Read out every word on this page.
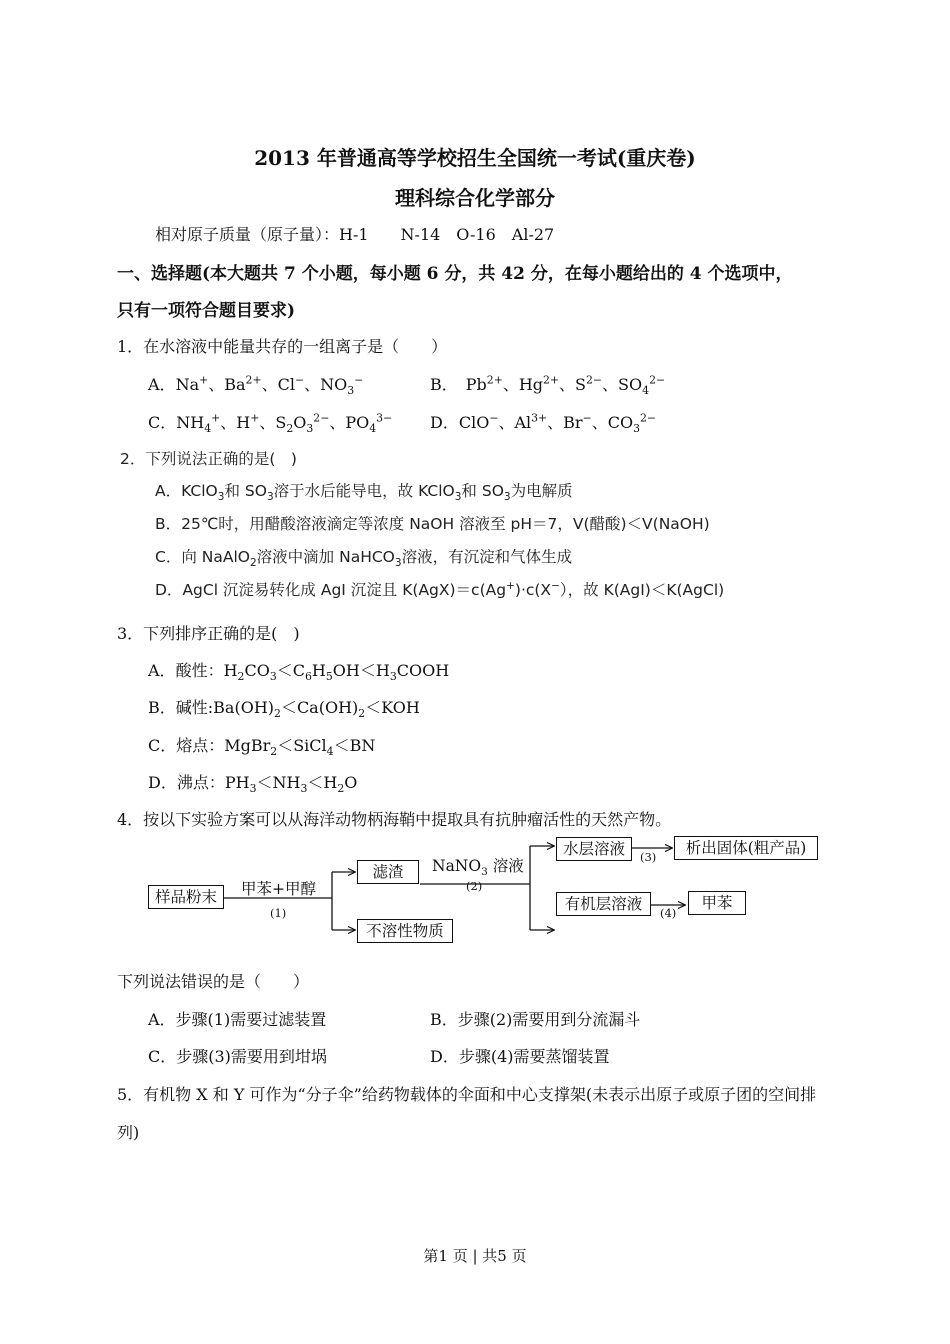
2013 年普通高等学校招生全国统一考试(重庆卷)
理科综合化学部分
相对原子质量（原子量）：H-1　　N-14　O-16　Al-27
一、选择题(本大题共 7 个小题，每小题 6 分，共 42 分，在每小题给出的 4 个选项中，
只有一项符合题目要求)
1．在水溶液中能量共存的一组离子是（　　）
A．Na+、$Ba^{2+}$、Cl−、$NO_3^-$	B．　$Pb^{2+}$、$Hg^{2+}$、$S^{2-}$、$SO_4^{2-}$
C．$NH_4^+$、H+、$S_2O_3^{2-}$、$PO_4^{3-}$ D．ClO−、$Al^{3+}$、Br−、$CO_3^{2-}$
2．下列说法正确的是(　)
A．KClO$_3$和 $SO_3$溶于水后能导电，故 KClO$_3$和 $SO_3$为电解质
B．25℃时，用醋酸溶液滴定等浓度 NaOH 溶液至 pH＝7，V(醋酸)＜V(NaOH)
C．向 NaAlO$_2$溶液中滴加 NaHCO$_3$溶液，有沉淀和气体生成
D．AgCl 沉淀易转化成 AgI 沉淀且 K(AgX)＝c(Ag+)·c(X−），故 K(AgI)＜K(AgCl)
3．下列排序正确的是(　)
A．酸性：$H_2CO_3<C_6H_5OH<H_3COOH$
B．碱性$:Ba(OH)_2<Ca(OH)_2<KOH$
C．熔点：MgBr$_2$＜SiCl$_4$＜BN
D．沸点：$PH_3<NH_3<H_2O$
4．按以下实验方案可以从海洋动物柄海鞘中提取具有抗肿瘤活性的天然产物。
样品粉末	甲苯+甲醇
(1)
滤渣
不溶性物质
NaNO$_3$ 溶液
(2)
水层溶液	(3)	析出固体(粗产品)
有机层溶液	(4)
甲苯
下列说法错误的是（　　）
A．步骤(1)需要过滤装置	B．步骤(2)需要用到分流漏斗
C．步骤(3)需要用到坩埚	D．步骤(4)需要蒸馏装置
5．有机物 X 和 Y 可作为“分子伞”给药物载体的伞面和中心支撑架(未表示出原子或原子团的空间排
列)
第1 页 | 共5 页
